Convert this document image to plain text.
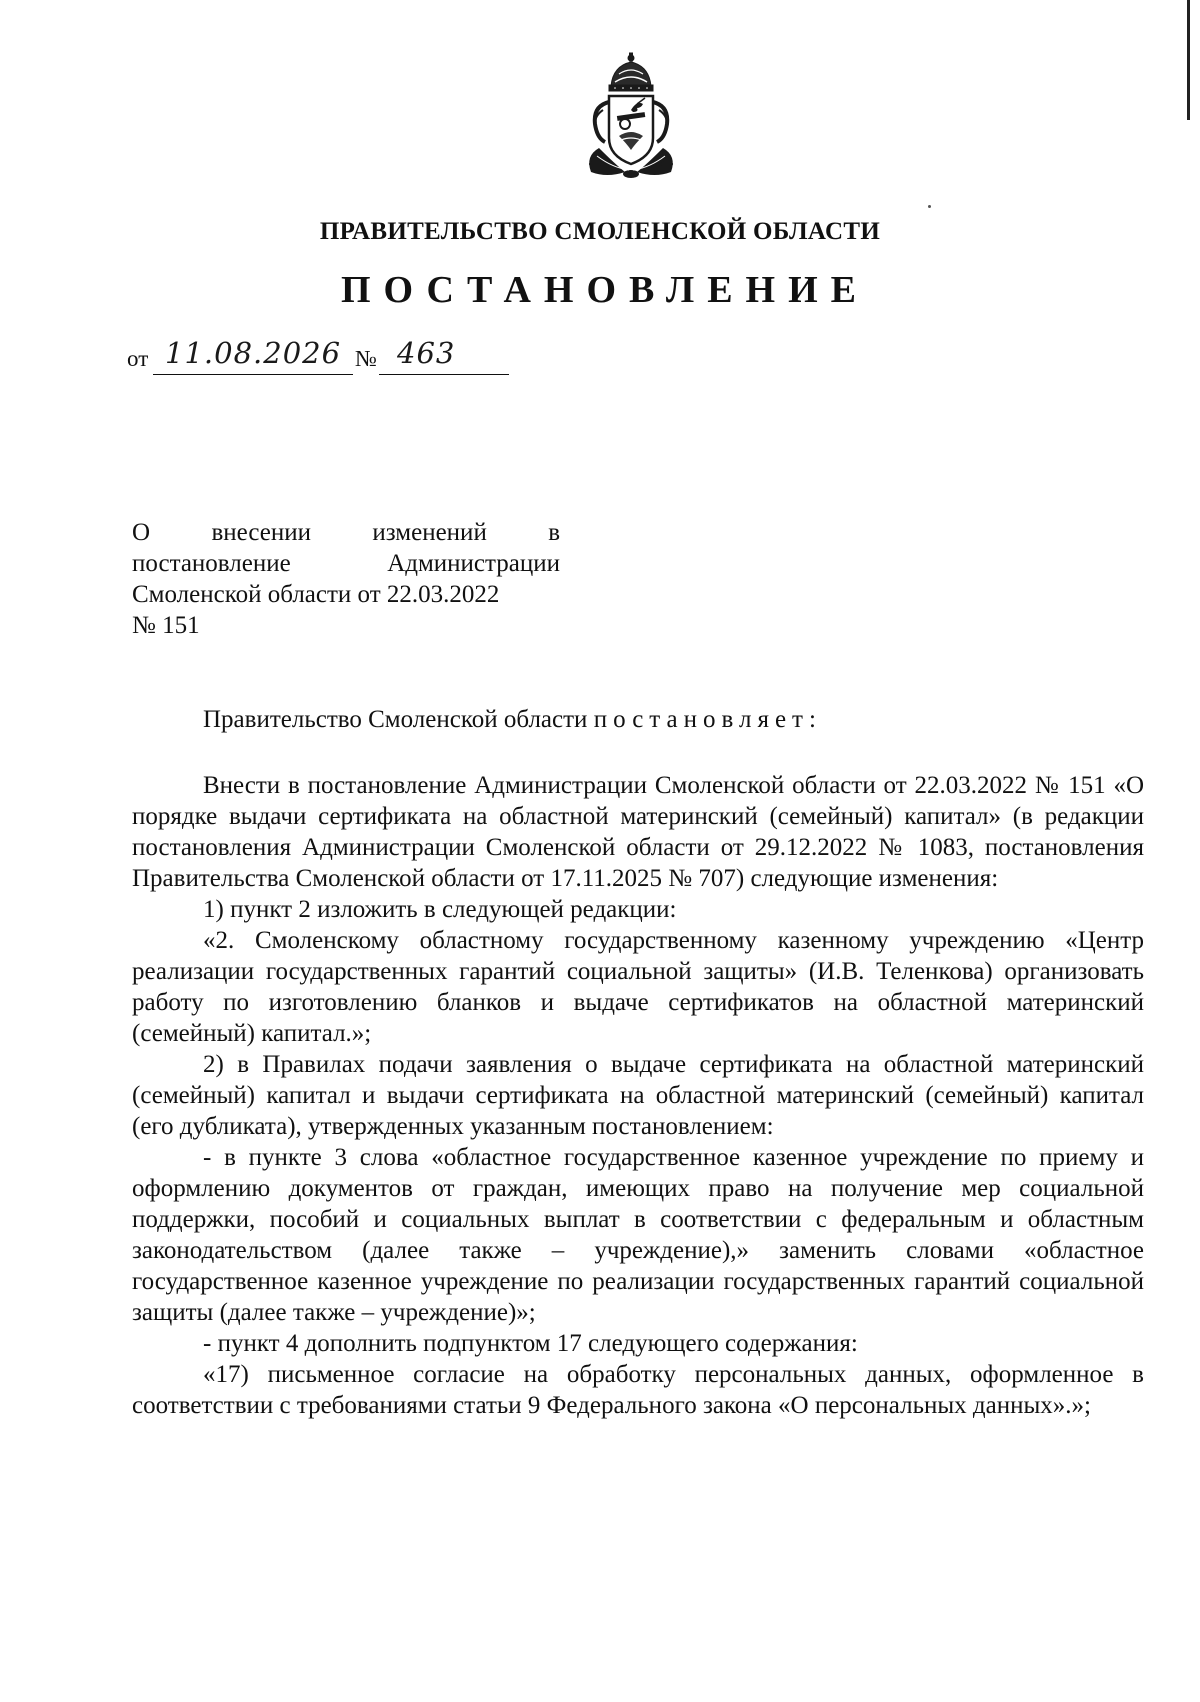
ПРАВИТЕЛЬСТВО СМОЛЕНСКОЙ ОБЛАСТИ
ПОСТАНОВЛЕНИЕ
от 11.08.2026 № 463
О внесении изменений в
постановление	Администрации
Смоленской области от 22.03.2022
№ 151
Правительство Смоленской области постановляет:

Внести в постановление Администрации Смоленской области от 22.03.2022 № 151 «О порядке выдачи сертификата на областной материнский (семейный) капитал» (в редакции постановления Администрации Смоленской области от 29.12.2022 № 1083, постановления Правительства Смоленской области от 17.11.2025 № 707) следующие изменения:

1) пункт 2 изложить в следующей редакции:

«2. Смоленскому областному государственному казенному учреждению «Центр реализации государственных гарантий социальной защиты» (И.В. Теленкова) организовать работу по изготовлению бланков и выдаче сертификатов на областной материнский (семейный) капитал.»;

2) в Правилах подачи заявления о выдаче сертификата на областной материнский (семейный) капитал и выдачи сертификата на областной материнский (семейный) капитал (его дубликата), утвержденных указанным постановлением:

- в пункте 3 слова «областное государственное казенное учреждение по приему и оформлению документов от граждан, имеющих право на получение мер социальной поддержки, пособий и социальных выплат в соответствии с федеральным и областным законодательством (далее также – учреждение),» заменить словами «областное государственное казенное учреждение по реализации государственных гарантий социальной защиты (далее также – учреждение)»;

- пункт 4 дополнить подпунктом 17 следующего содержания:

«17) письменное согласие на обработку персональных данных, оформленное в соответствии с требованиями статьи 9 Федерального закона «О персональных данных».»;
